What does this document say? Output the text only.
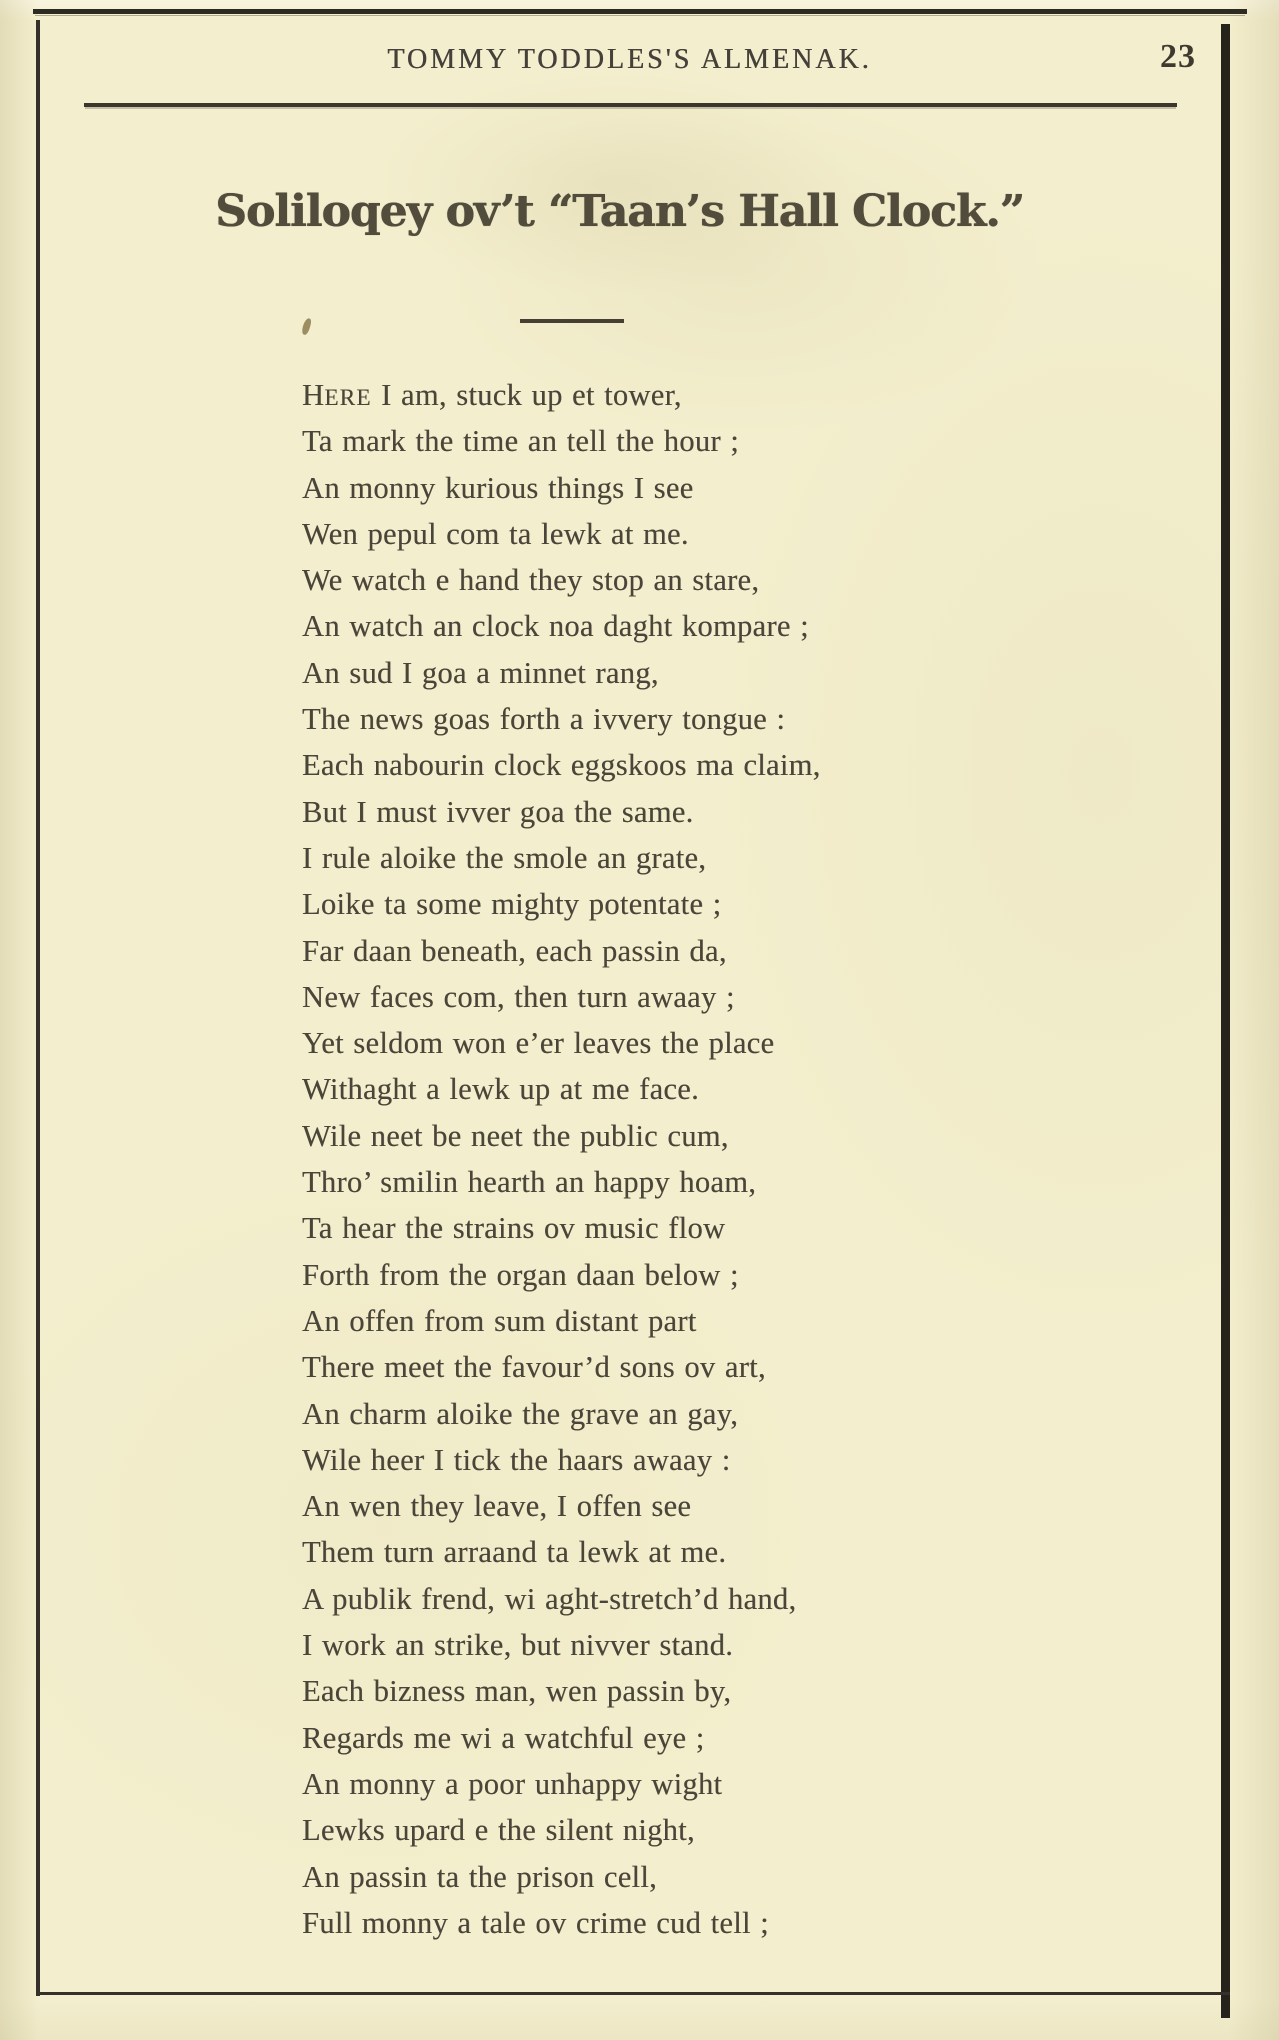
TOMMY TODDLES'S ALMENAK.	23
Soliloqey ov’t “Taan’s Hall Clock.”
HERE I am, stuck up et tower,
Ta mark the time an tell the hour ;
An monny kurious things I see
Wen pepul com ta lewk at me.
We watch e hand they stop an stare,
An watch an clock noa daght kompare ;
An sud I goa a minnet rang,
The news goas forth a ivvery tongue :
Each nabourin clock eggskoos ma claim,
But I must ivver goa the same.
I rule aloike the smole an grate,
Loike ta some mighty potentate ;
Far daan beneath, each passin da,
New faces com, then turn awaay ;
Yet seldom won e’er leaves the place
Withaght a lewk up at me face.
Wile neet be neet the public cum,
Thro’ smilin hearth an happy hoam,
Ta hear the strains ov music flow
Forth from the organ daan below ;
An offen from sum distant part
There meet the favour’d sons ov art,
An charm aloike the grave an gay,
Wile heer I tick the haars awaay :
An wen they leave, I offen see
Them turn arraand ta lewk at me.
A publik frend, wi aght-stretch’d hand,
I work an strike, but nivver stand.
Each bizness man, wen passin by,
Regards me wi a watchful eye ;
An monny a poor unhappy wight
Lewks upard e the silent night,
An passin ta the prison cell,
Full monny a tale ov crime cud tell ;
